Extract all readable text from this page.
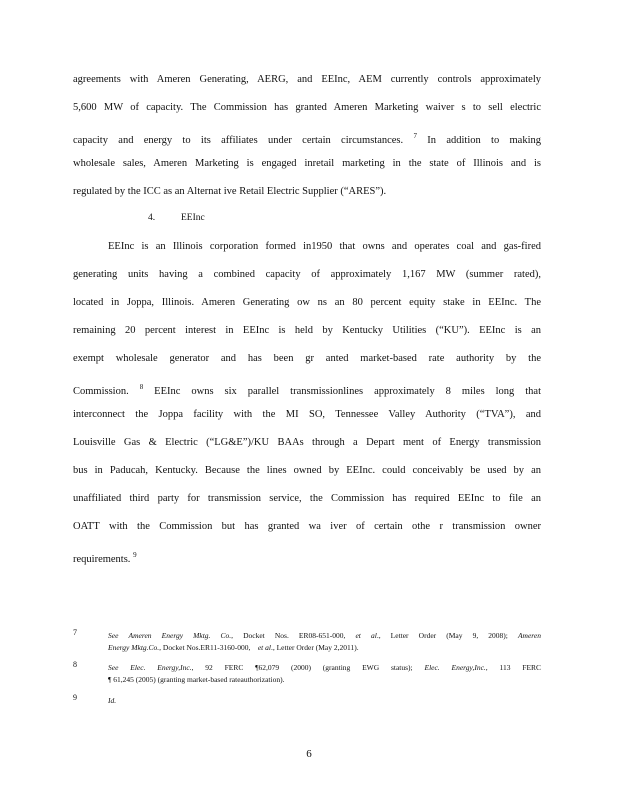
agreements with Ameren Generating, AERG, and EEInc, AEM currently controls approximately
5,600 MW of capacity. The Commission has granted Ameren Marketing waiver s to sell electric
capacity and energy to its affiliates under certain circumstances. $^7$ In addition to making
wholesale sales, Ameren Marketing is engaged inretail marketing in the state of Illinois and is
regulated by the ICC as an Alternat ive Retail Electric Supplier (“ARES”).
4.	EEInc
EEInc is an Illinois corporation formed in1950 that owns and operates coal and gas-fired
generating units having a combined capacity of approximately 1,167 MW (summer rated),
located in Joppa, Illinois. Ameren Generating ow ns an 80 percent equity stake in EEInc. The
remaining 20 percent interest in EEInc is held by Kentucky Utilities (“KU”). EEInc is an
exempt wholesale generator and has been gr anted market-based rate authority by the
Commission. $^8$ EEInc owns six parallel transmissionlines approximately 8 miles long that
interconnect the Joppa facility with the MI SO, Tennessee Valley Authority (“TVA”), and
Louisville Gas & Electric (“LG&E”)/KU BAAs through a Depart ment of Energy transmission
bus in Paducah, Kentucky. Because the lines owned by EEInc. could conceivably be used by an
unaffiliated third party for transmission service, the Commission has required EEInc to file an
OATT with the Commission but has granted wa iver of certain othe r transmission owner
requirements. $^9$
7	See Ameren Energy Mktg. Co., Docket Nos. ER08-651-000, et al., Letter Order (May 9, 2008); Ameren
Energy Mktg.Co., Docket Nos.ER11-3160-000, et al., Letter Order (May 2,2011).
8	See Elec. Energy,Inc., 92 FERC ¶62,079 (2000) (granting EWG status); Elec. Energy,Inc., 113 FERC
¶ 61,245 (2005) (granting market-based rateauthorization).
9	Id.
6
